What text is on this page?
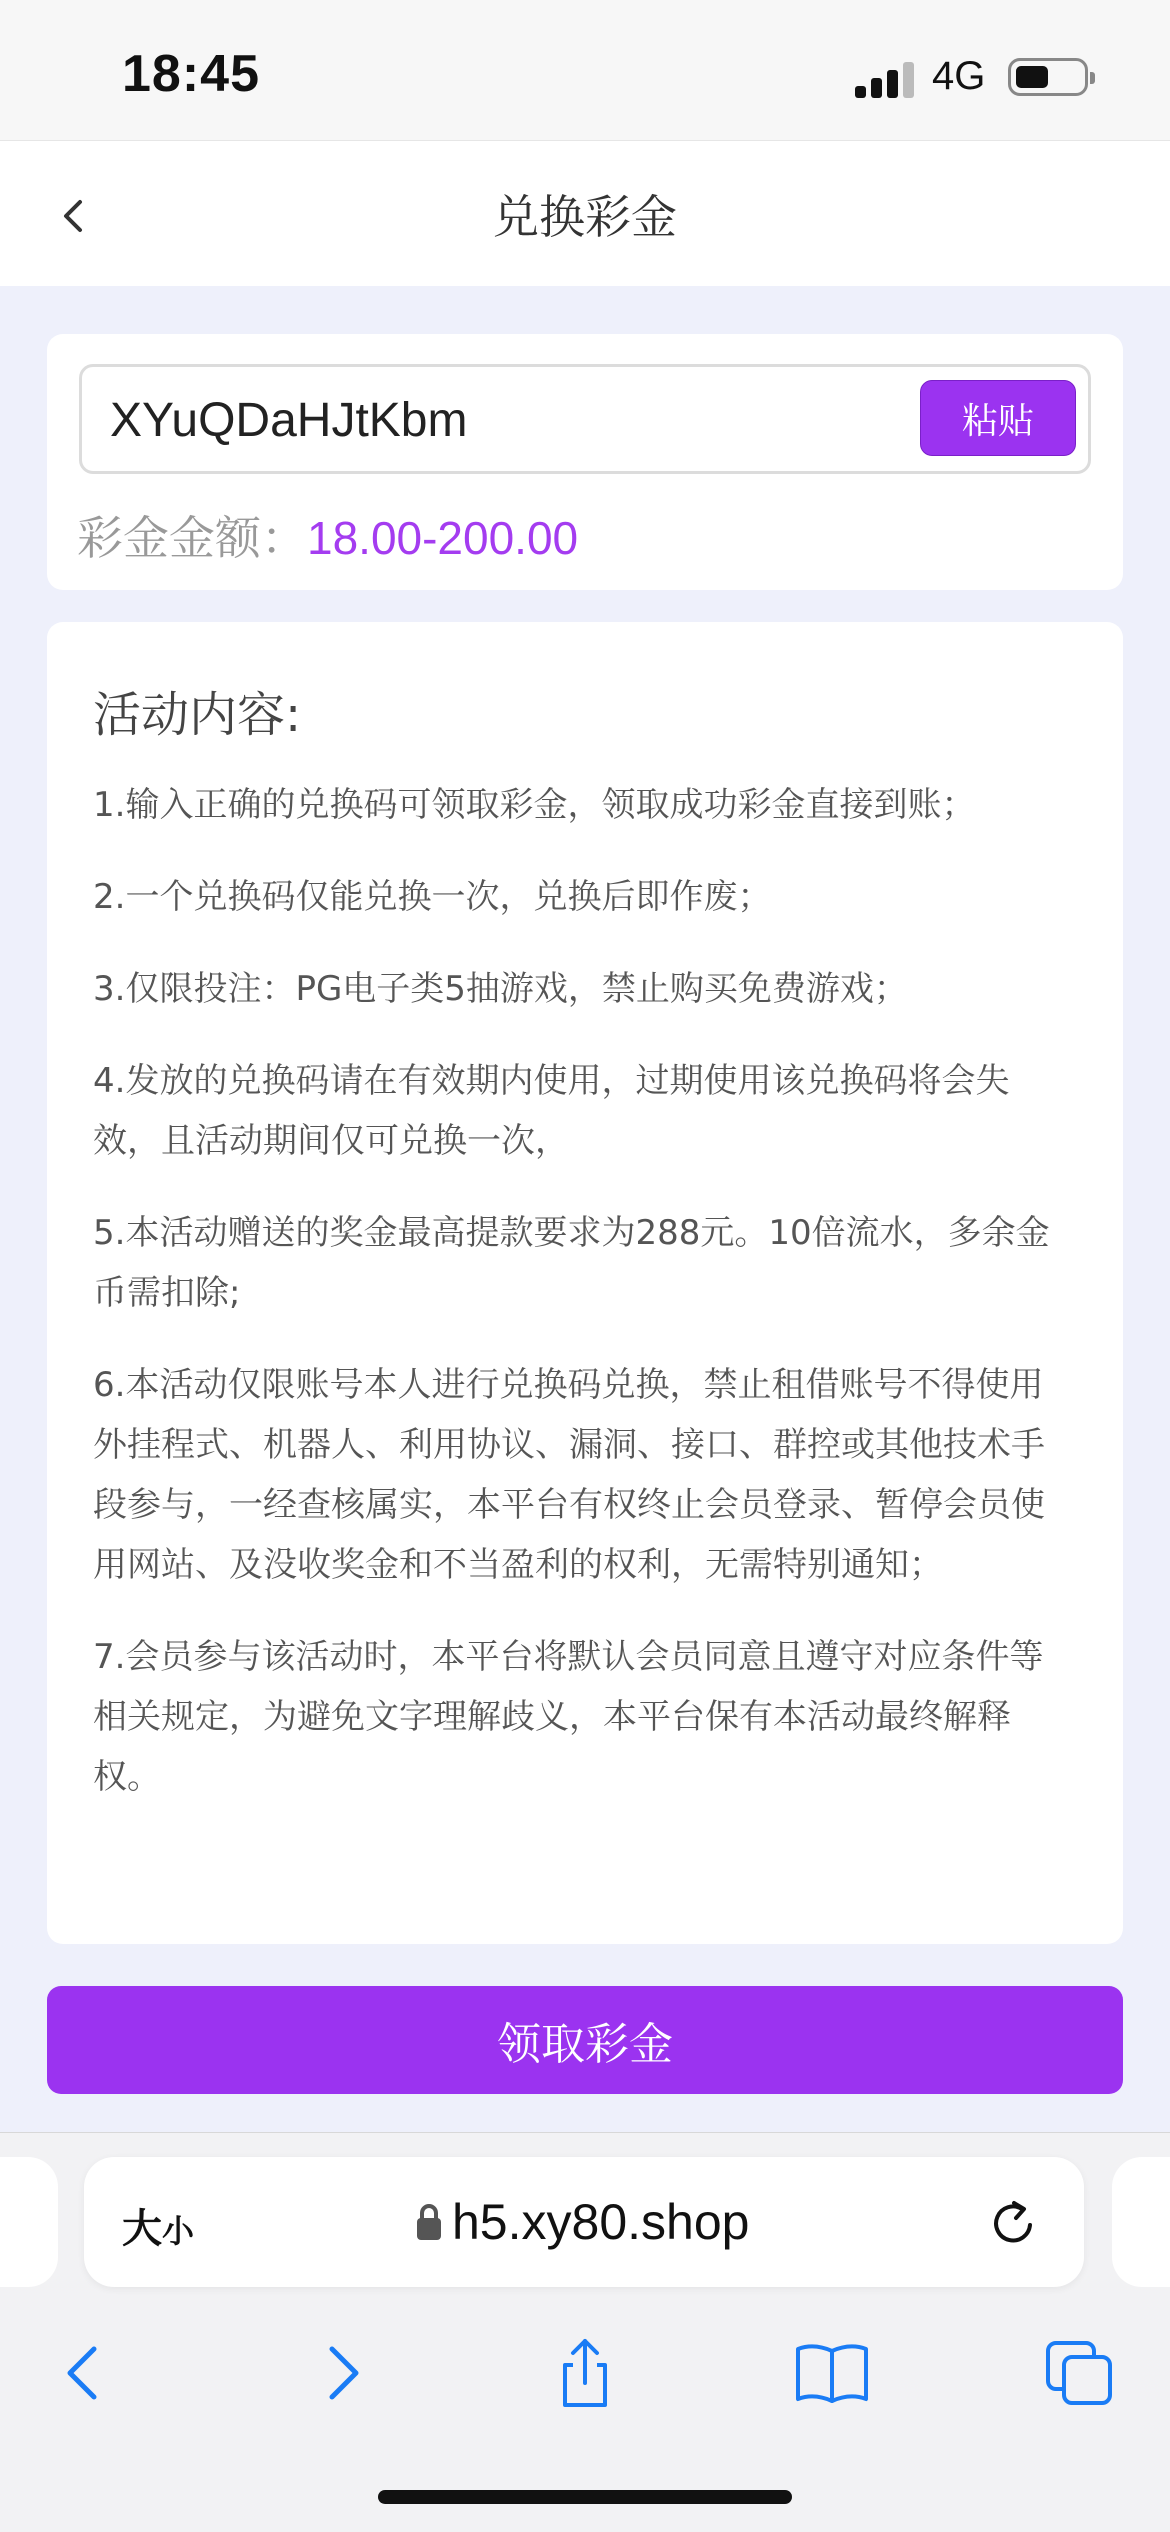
18:45	4G
兑换彩金
XYuQDaHJtKbm
粘贴
彩金金额：18.00-200.00
活动内容:
1.输入正确的兑换码可领取彩金，领取成功彩金直接到账；
2.一个兑换码仅能兑换一次，兑换后即作废；
3.仅限投注：PG电子类5抽游戏，禁止购买免费游戏；
4.发放的兑换码请在有效期内使用，过期使用该兑换码将会失效，且活动期间仅可兑换一次，
5.本活动赠送的奖金最高提款要求为288元。10倍流水，多余金币需扣除;
6.本活动仅限账号本人进行兑换码兑换，禁止租借账号不得使用外挂程式、机器人、利用协议、漏洞、接口、群控或其他技术手段参与，一经查核属实，本平台有权终止会员登录、暂停会员使用网站、及没收奖金和不当盈利的权利，无需特别通知；
7.会员参与该活动时，本平台将默认会员同意且遵守对应条件等相关规定，为避免文字理解歧义，本平台保有本活动最终解释权。
领取彩金
大小	h5.xy80.shop
